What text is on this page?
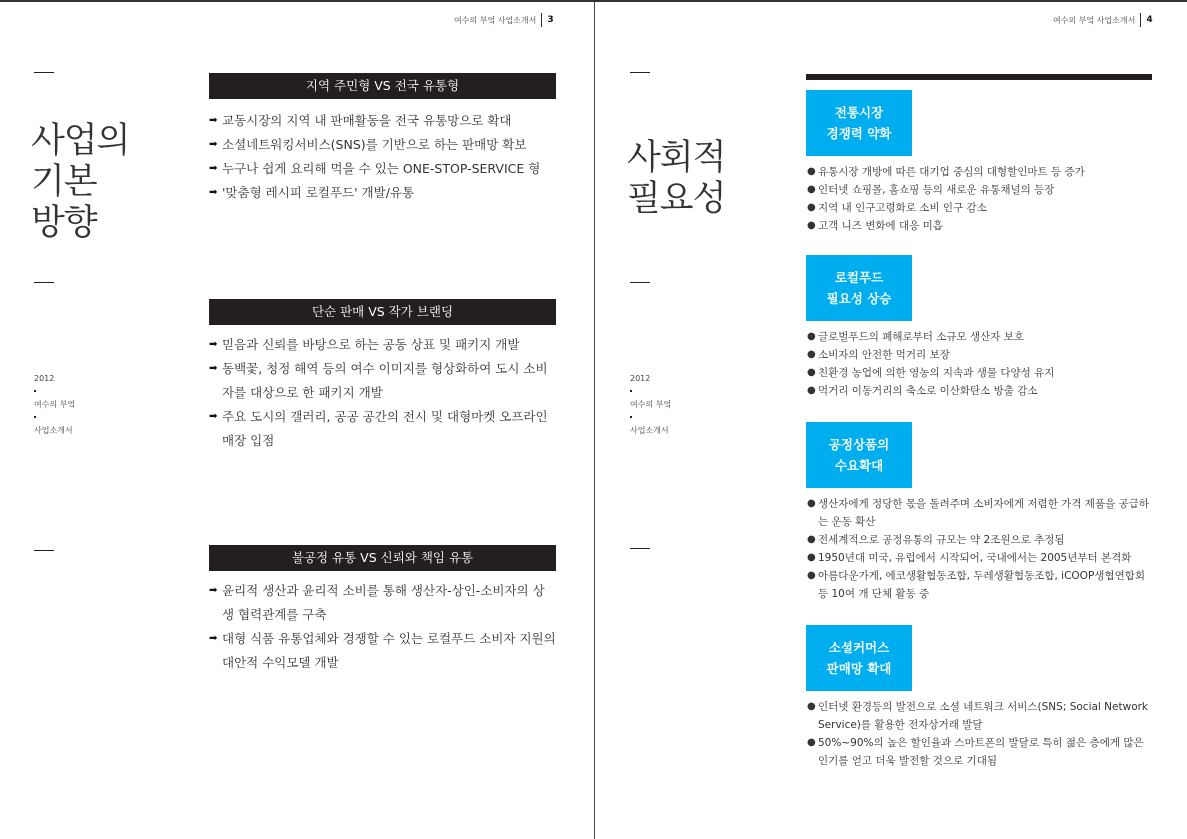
여수의 부엌 사업소개서 3
사업의
기본
방향
2012
여수의 부엌
사업소개서
지역 주민형 VS 전국 유통형
➡ 교동시장의 지역 내 판매활동을 전국 유통망으로 확대
➡ 소셜네트워킹서비스(SNS)를 기반으로 하는 판매망 확보
➡ 누구나 쉽게 요리해 먹을 수 있는 ONE-STOP-SERVICE 형
➡ '맞춤형 레시피 로컬푸드' 개발/유통
단순 판매 VS 작가 브랜딩
➡ 믿음과 신뢰를 바탕으로 하는 공동 상표 및 패키지 개발
➡ 동백꽃, 청정 해역 등의 여수 이미지를 형상화하여 도시 소비자를 대상으로 한 패키지 개발
➡ 주요 도시의 갤러리, 공공 공간의 전시 및 대형마켓 오프라인 매장 입점
불공정 유통 VS 신뢰와 책임 유통
➡ 윤리적 생산과 윤리적 소비를 통해 생산자-상인-소비자의 상생 협력관계를 구축
➡ 대형 식품 유통업체와 경쟁할 수 있는 로컬푸드 소비자 지원의 대안적 수익모델 개발
여수의 부엌 사업소개서 4
사회적
필요성
2012
여수의 부엌
사업소개서
전통시장
경쟁력 약화
● 유통시장 개방에 따른 대기업 중심의 대형할인마트 등 증가
● 인터넷 쇼핑몰, 홈쇼핑 등의 새로운 유통채널의 등장
● 지역 내 인구고령화로 소비 인구 감소
● 고객 니즈 변화에 대응 미흡
로컬푸드
필요성 상승
● 글로벌푸드의 폐해로부터 소규모 생산자 보호
● 소비자의 안전한 먹거리 보장
● 친환경 농업에 의한 영농의 지속과 생물 다양성 유지
● 먹거리 이동거리의 축소로 이산화탄소 방출 감소
공정상품의
수요확대
● 생산자에게 정당한 몫을 돌려주며 소비자에게 저렴한 가격 제품을 공급하는 운동 확산
● 전세계적으로 공정유통의 규모는 약 2조원으로 추정됨
● 1950년대 미국, 유럽에서 시작되어, 국내에서는 2005년부터 본격화
● 아름다운가게, 에코생활협동조합, 두레생활협동조합, iCOOP생협연합회 등 10여 개 단체 활동 중
소셜커머스
판매망 확대
● 인터넷 환경등의 발전으로 소셜 네트워크 서비스(SNS; Social Network Service)를 활용한 전자상거래 발달
● 50%~90%의 높은 할인율과 스마트폰의 발달로 특히 젊은 층에게 많은 인기를 얻고 더욱 발전할 것으로 기대됨
